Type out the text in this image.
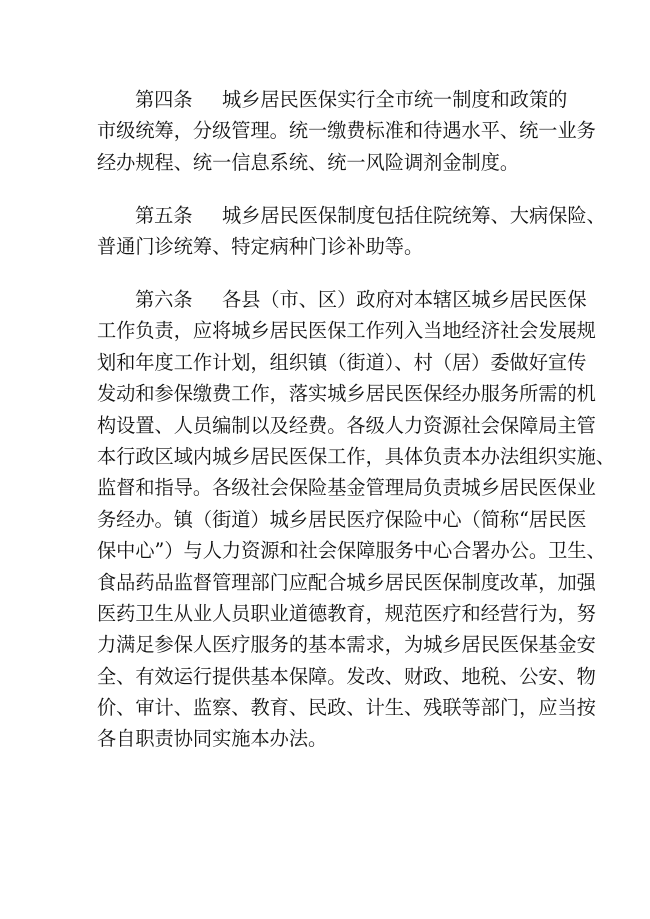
第四条 城乡居民医保实行全市统一制度和政策的
市级统筹，分级管理。统一缴费标准和待遇水平、统一业务
经办规程、统一信息系统、统一风险调剂金制度。
第五条 城乡居民医保制度包括住院统筹、大病保险、
普通门诊统筹、特定病种门诊补助等。
第六条 各县（市、区）政府对本辖区城乡居民医保
工作负责，应将城乡居民医保工作列入当地经济社会发展规
划和年度工作计划，组织镇（街道）、村（居）委做好宣传
发动和参保缴费工作，落实城乡居民医保经办服务所需的机
构设置、人员编制以及经费。各级人力资源社会保障局主管
本行政区域内城乡居民医保工作，具体负责本办法组织实施、
监督和指导。各级社会保险基金管理局负责城乡居民医保业
务经办。镇（街道）城乡居民医疗保险中心（简称“居民医
保中心”）与人力资源和社会保障服务中心合署办公。卫生、
食品药品监督管理部门应配合城乡居民医保制度改革，加强
医药卫生从业人员职业道德教育，规范医疗和经营行为，努
力满足参保人医疗服务的基本需求，为城乡居民医保基金安
全、有效运行提供基本保障。发改、财政、地税、公安、物
价、审计、监察、教育、民政、计生、残联等部门，应当按
各自职责协同实施本办法。
